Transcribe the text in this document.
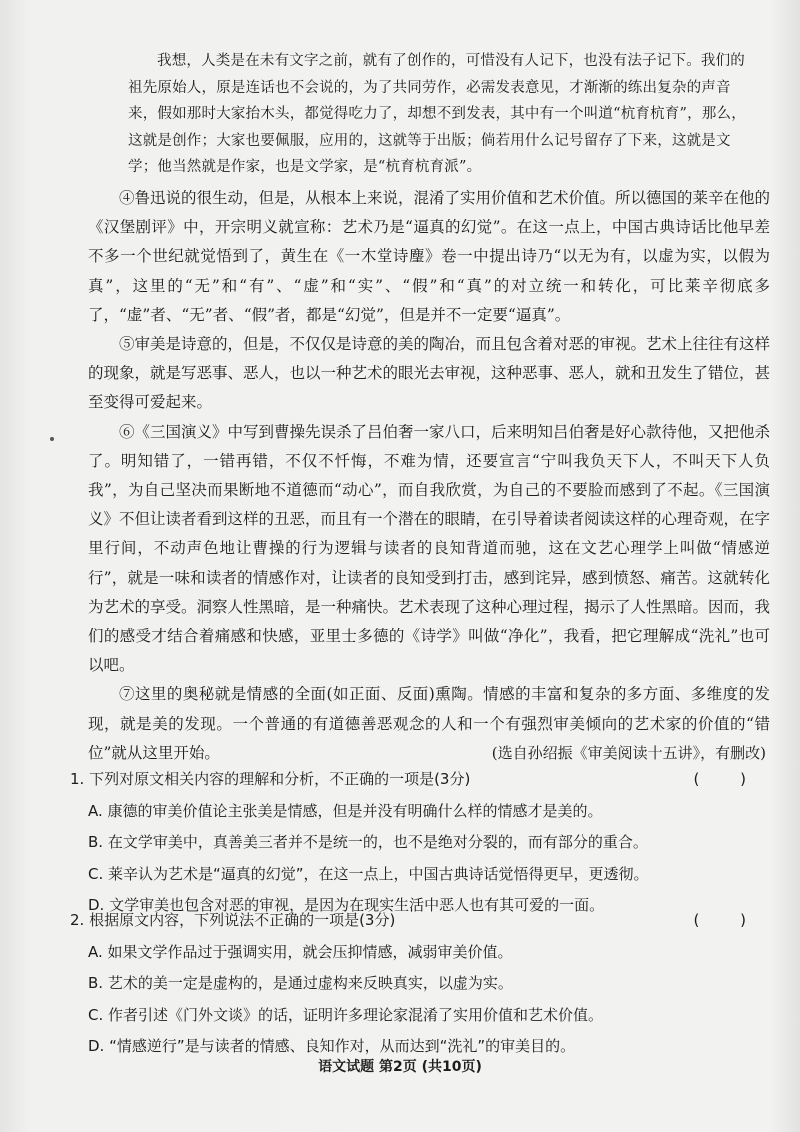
我想，人类是在未有文字之前，就有了创作的，可惜没有人记下，也没有法子记下。我们的祖先原始人，原是连话也不会说的，为了共同劳作，必需发表意见，才渐渐的练出复杂的声音来，假如那时大家抬木头，都觉得吃力了，却想不到发表，其中有一个叫道“杭育杭育”，那么，这就是创作；大家也要佩服，应用的，这就等于出版；倘若用什么记号留存了下来，这就是文学；他当然就是作家，也是文学家，是“杭育杭育派”。

④鲁迅说的很生动，但是，从根本上来说，混淆了实用价值和艺术价值。所以德国的莱辛在他的《汉堡剧评》中，开宗明义就宣称：艺术乃是“逼真的幻觉”。在这一点上，中国古典诗话比他早差不多一个世纪就觉悟到了，黄生在《一木堂诗麈》卷一中提出诗乃“以无为有，以虚为实，以假为真”，这里的“无”和“有”、“虚”和“实”、“假”和“真”的对立统一和转化，可比莱辛彻底多了，“虚”者、“无”者、“假”者，都是“幻觉”，但是并不一定要“逼真”。

⑤审美是诗意的，但是，不仅仅是诗意的美的陶冶，而且包含着对恶的审视。艺术上往往有这样的现象，就是写恶事、恶人，也以一种艺术的眼光去审视，这种恶事、恶人，就和丑发生了错位，甚至变得可爱起来。

⑥《三国演义》中写到曹操先误杀了吕伯奢一家八口，后来明知吕伯奢是好心款待他，又把他杀了。明知错了，一错再错，不仅不忏悔，不难为情，还要宣言“宁叫我负天下人，不叫天下人负我”，为自己坚决而果断地不道德而“动心”，而自我欣赏，为自己的不要脸而感到了不起。《三国演义》不但让读者看到这样的丑恶，而且有一个潜在的眼睛，在引导着读者阅读这样的心理奇观，在字里行间，不动声色地让曹操的行为逻辑与读者的良知背道而驰，这在文艺心理学上叫做“情感逆行”，就是一味和读者的情感作对，让读者的良知受到打击，感到诧异，感到愤怒、痛苦。这就转化为艺术的享受。洞察人性黑暗，是一种痛快。艺术表现了这种心理过程，揭示了人性黑暗。因而，我们的感受才结合着痛感和快感，亚里士多德的《诗学》叫做“净化”，我看，把它理解成“洗礼”也可以吧。

⑦这里的奥秘就是情感的全面(如正面、反面)熏陶。情感的丰富和复杂的多方面、多维度的发现，就是美的发现。一个普通的有道德善恶观念的人和一个有强烈审美倾向的艺术家的价值的“错位”就从这里开始。	(选自孙绍振《审美阅读十五讲》，有删改)
1. 下列对原文相关内容的理解和分析，不正确的一项是(3分)	( )
A. 康德的审美价值论主张美是情感，但是并没有明确什么样的情感才是美的。
B. 在文学审美中，真善美三者并不是统一的，也不是绝对分裂的，而有部分的重合。
C. 莱辛认为艺术是“逼真的幻觉”，在这一点上，中国古典诗话觉悟得更早，更透彻。
D. 文学审美也包含对恶的审视，是因为在现实生活中恶人也有其可爱的一面。
2. 根据原文内容，下列说法不正确的一项是(3分)	( )
A. 如果文学作品过于强调实用，就会压抑情感，减弱审美价值。
B. 艺术的美一定是虚构的，是通过虚构来反映真实，以虚为实。
C. 作者引述《门外文谈》的话，证明许多理论家混淆了实用价值和艺术价值。
D. “情感逆行”是与读者的情感、良知作对，从而达到“洗礼”的审美目的。
语文试题 第2页 (共10页)
